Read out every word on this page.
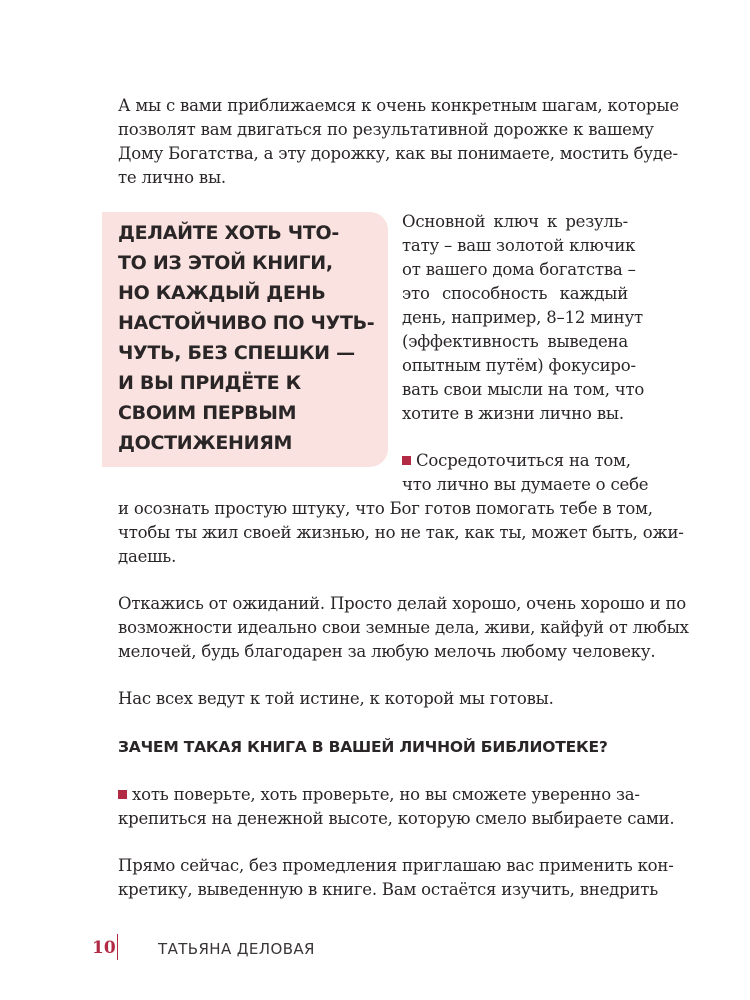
А мы с вами приближаемся к очень конкретным шагам, которые
позволят вам двигаться по результативной дорожке к вашему
Дому Богатства, а эту дорожку, как вы понимаете, мостить буде-
те лично вы.
ДЕЛАЙТЕ ХОТЬ ЧТО-
ТО ИЗ ЭТОЙ КНИГИ,
НО КАЖДЫЙ ДЕНЬ
НАСТОЙЧИВО ПО ЧУТЬ-
ЧУТЬ, БЕЗ СПЕШКИ —
И ВЫ ПРИДЁТЕ К
СВОИМ ПЕРВЫМ
ДОСТИЖЕНИЯМ
Основной ключ к резуль-
тату – ваш золотой ключик
от вашего дома богатства –
это способность каждый
день, например, 8–12 минут
(эффективность выведена
опытным путём) фокусиро-
вать свои мысли на том, что
хотите в жизни лично вы.
Сосредоточиться на том,
что лично вы думаете о себе
и осознать простую штуку, что Бог готов помогать тебе в том,
чтобы ты жил своей жизнью, но не так, как ты, может быть, ожи-
даешь.
Откажись от ожиданий. Просто делай хорошо, очень хорошо и по
возможности идеально свои земные дела, живи, кайфуй от любых
мелочей, будь благодарен за любую мелочь любому человеку.
Нас всех ведут к той истине, к которой мы готовы.
ЗАЧЕМ ТАКАЯ КНИГА В ВАШЕЙ ЛИЧНОЙ БИБЛИОТЕКЕ?
хоть поверьте, хоть проверьте, но вы сможете уверенно за-
крепиться на денежной высоте, которую смело выбираете сами.
Прямо сейчас, без промедления приглашаю вас применить кон-
кретику, выведенную в книге. Вам остаётся изучить, внедрить
10	ТАТЬЯНА ДЕЛОВАЯ
